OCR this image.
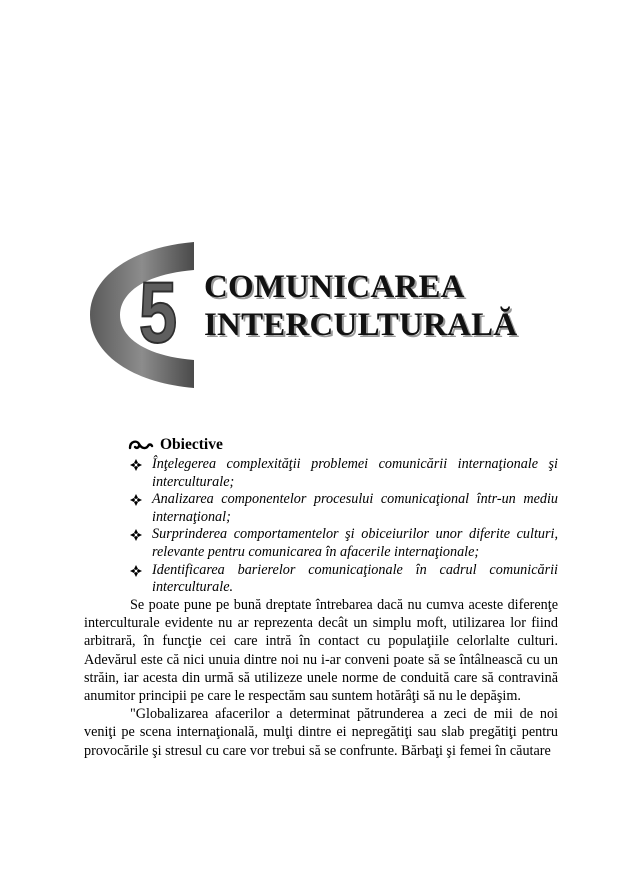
5 COMUNICAREA
INTERCULTURALĂ
Obiective
Înţelegerea complexităţii problemei comunicării internaţionale şi interculturale;
Analizarea componentelor procesului comunicaţional într-un mediu internaţional;
Surprinderea comportamentelor şi obiceiurilor unor diferite culturi, relevante pentru comunicarea în afacerile internaţionale;
Identificarea barierelor comunicaţionale în cadrul comunicării interculturale.

Se poate pune pe bună dreptate întrebarea dacă nu cumva aceste diferenţe interculturale evidente nu ar reprezenta decât un simplu moft, utilizarea lor fiind arbitrară, în funcţie cei care intră în contact cu populaţiile celorlalte culturi. Adevărul este că nici unuia dintre noi nu i-ar conveni poate să se întâlnească cu un străin, iar acesta din urmă să utilizeze unele norme de conduită care să contravină anumitor principii pe care le respectăm sau suntem hotărâţi să nu le depăşim.

"Globalizarea afacerilor a determinat pătrunderea a zeci de mii de noi veniţi pe scena internaţională, mulţi dintre ei nepregătiţi sau slab pregătiţi pentru provocările şi stresul cu care vor trebui să se confrunte. Bărbaţi şi femei în căutare
